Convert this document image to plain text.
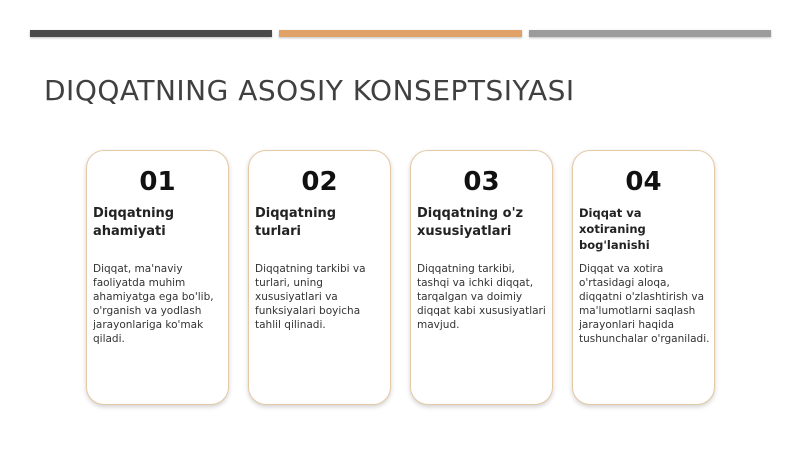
DIQQATNING ASOSIY KONSEPTSIYASI
01
Diqqatning ahamiyati
Diqqat, ma'naviy faoliyatda muhim ahamiyatga ega bo'lib, o'rganish va yodlash jarayonlariga ko'mak qiladi.
02
Diqqatning turlari
Diqqatning tarkibi va turlari, uning xususiyatlari va funksiyalari boyicha tahlil qilinadi.
03
Diqqatning o'z xususiyatlari
Diqqatning tarkibi, tashqi va ichki diqqat, tarqalgan va doimiy diqqat kabi xususiyatlari mavjud.
04
Diqqat va xotiraning bog'lanishi
Diqqat va xotira o'rtasidagi aloqa, diqqatni o'zlashtirish va ma'lumotlarni saqlash jarayonlari haqida tushunchalar o'rganiladi.
